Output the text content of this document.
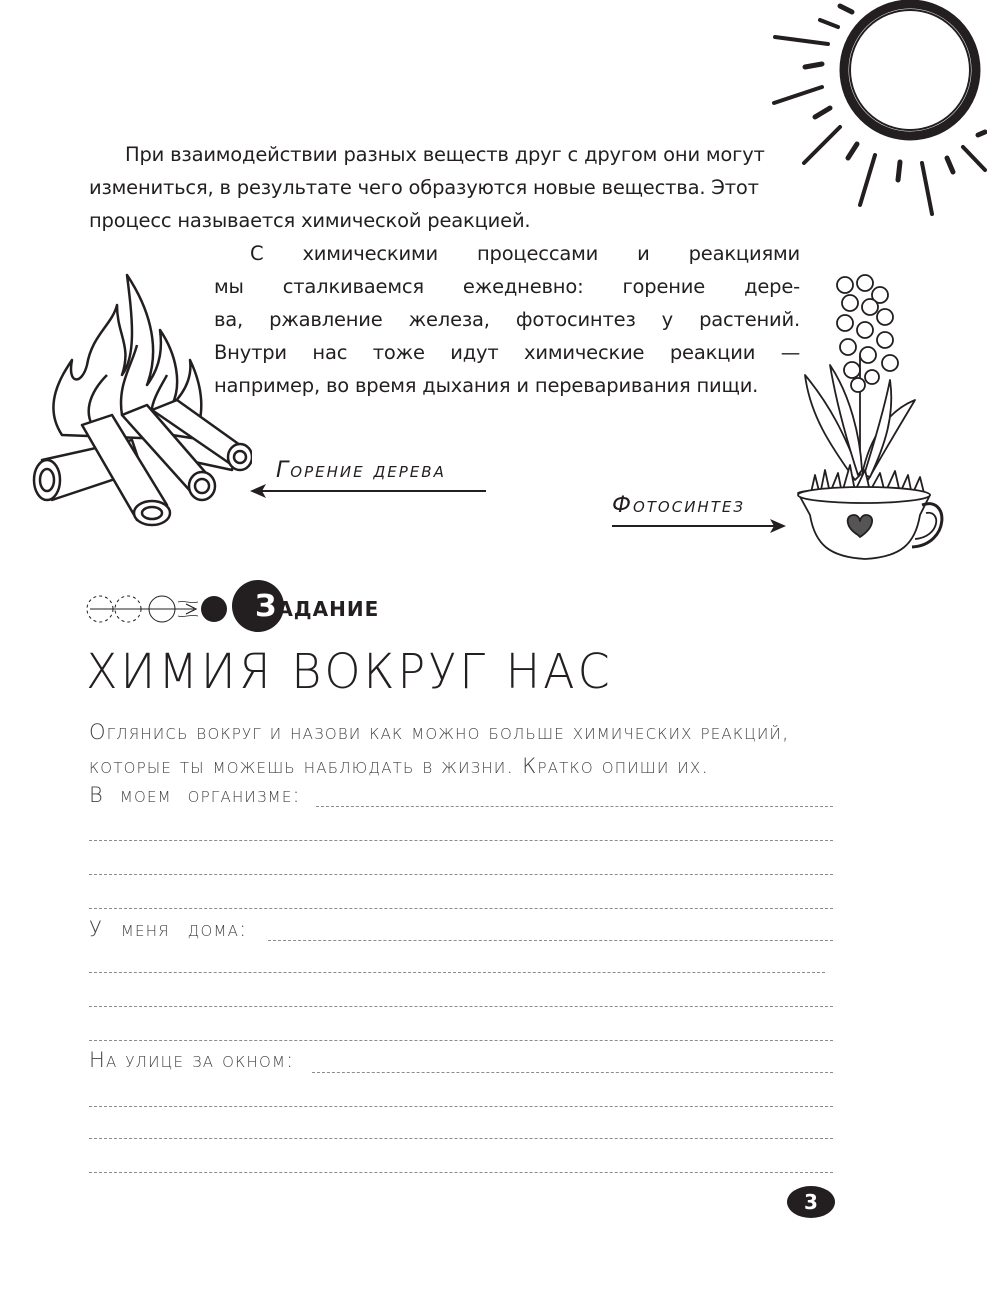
При взаимодействии разных веществ друг с другом они могут
измениться, в результате чего образуются новые вещества. Этот
процесс называется химической реакцией.
С химическими процессами и реакциями
мы сталкиваемся ежедневно: горение дере-
ва, ржавление железа, фотосинтез у растений.
Внутри нас тоже идут химические реакции —
например, во время дыхания и переваривания пищи.
Горение дерева
Фотосинтез
ЗАДАНИЕ
ХИМИЯ ВОКРУГ НАС
Оглянись вокруг и назови как можно больше химических реакций,
которые ты можешь наблюдать в жизни. Кратко опиши их.
В моем организме:
У меня дома:
На улице за окном:
3
